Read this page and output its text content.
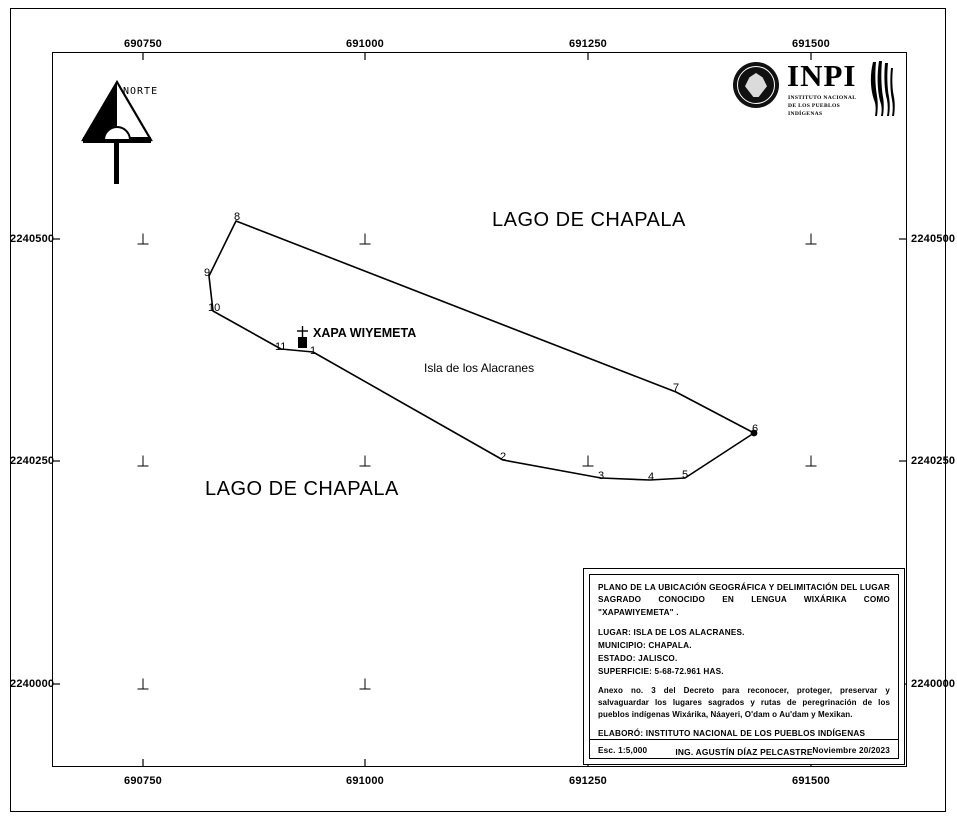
690750	691000	691250	691500
690750	691000	691250	691500
2240500
2240250
2240000
2240500
2240250
2240000
NORTE
1
2
3	4	5
6
7
8
9
10
11
LAGO DE CHAPALA
LAGO DE CHAPALA
Isla de los Alacranes
XAPA WIYEMETA
INPI
INSTITUTO NACIONAL
DE LOS PUEBLOS
INDÍGENAS
PLANO DE LA UBICACIÓN GEOGRÁFICA Y DELIMITACIÓN DEL LUGAR SAGRADO CONOCIDO EN LENGUA WIXÁRIKA COMO "XAPAWIYEMETA" .
LUGAR: ISLA DE LOS ALACRANES.
MUNICIPIO: CHAPALA.
ESTADO: JALISCO.
SUPERFICIE: 5-68-72.961 HAS.
Anexo no. 3 del Decreto para reconocer, proteger, preservar y salvaguardar los lugares sagrados y rutas de peregrinación de los pueblos indígenas Wixárika, Náayeri, O'dam o Au'dam y Mexikan.
ELABORÓ: INSTITUTO NACIONAL DE LOS PUEBLOS INDÍGENAS
ING. AGUSTÍN DÍAZ PELCASTRE
Esc. 1:5,000	Noviembre 20/2023
